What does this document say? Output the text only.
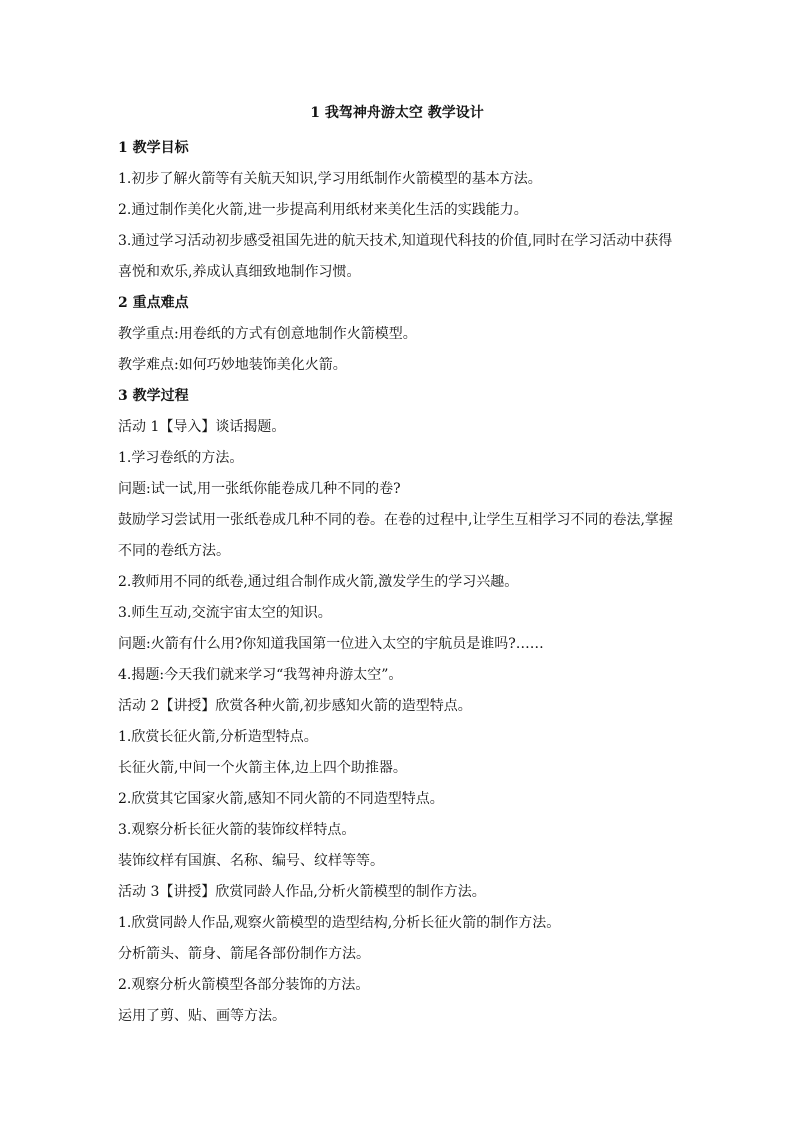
1 我驾神舟游太空 教学设计
1 教学目标
1.初步了解火箭等有关航天知识,学习用纸制作火箭模型的基本方法。
2.通过制作美化火箭,进一步提高利用纸材来美化生活的实践能力。
3.通过学习活动初步感受祖国先进的航天技术,知道现代科技的价值,同时在学习活动中获得
喜悦和欢乐,养成认真细致地制作习惯。
2 重点难点
教学重点:用卷纸的方式有创意地制作火箭模型。
教学难点:如何巧妙地装饰美化火箭。
3 教学过程
活动 1【导入】谈话揭题。
1.学习卷纸的方法。
问题:试一试,用一张纸你能卷成几种不同的卷?
鼓励学习尝试用一张纸卷成几种不同的卷。在卷的过程中,让学生互相学习不同的卷法,掌握
不同的卷纸方法。
2.教师用不同的纸卷,通过组合制作成火箭,激发学生的学习兴趣。
3.师生互动,交流宇宙太空的知识。
问题:火箭有什么用?你知道我国第一位进入太空的宇航员是谁吗?……
4.揭题:今天我们就来学习“我驾神舟游太空”。
活动 2【讲授】欣赏各种火箭,初步感知火箭的造型特点。
1.欣赏长征火箭,分析造型特点。
长征火箭,中间一个火箭主体,边上四个助推器。
2.欣赏其它国家火箭,感知不同火箭的不同造型特点。
3.观察分析长征火箭的装饰纹样特点。
装饰纹样有国旗、名称、编号、纹样等等。
活动 3【讲授】欣赏同龄人作品,分析火箭模型的制作方法。
1.欣赏同龄人作品,观察火箭模型的造型结构,分析长征火箭的制作方法。
分析箭头、箭身、箭尾各部份制作方法。
2.观察分析火箭模型各部分装饰的方法。
运用了剪、贴、画等方法。
